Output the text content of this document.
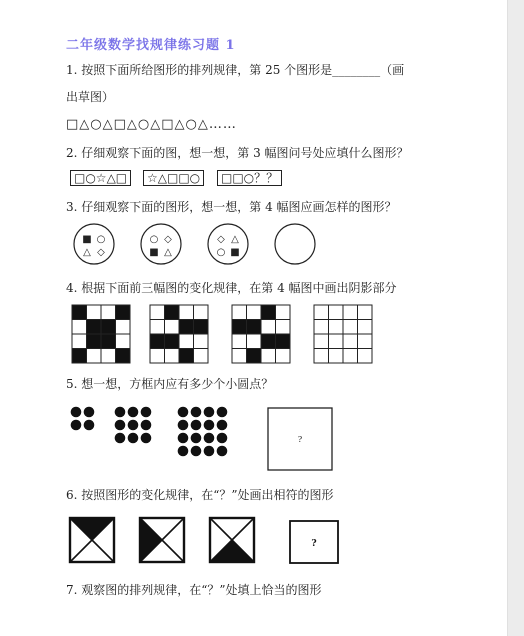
二年级数学找规律练习题 1
1. 按照下面所给图形的排列规律，第 25 个图形是________（画
出草图）
□△○△□△○△□△○△……
2. 仔细观察下面的图，想一想，第 3 幅图问号处应填什么图形？
□○☆△□	☆△□□○	□□○？？
3. 仔细观察下面的图形，想一想，第 4 幅图应画怎样的图形？
■ ○
△ ◇
○ ◇
■ △
◇ △
○ ■
4. 根据下面前三幅图的变化规律，在第 4 幅图中画出阴影部分
5. 想一想，方框内应有多少个小圆点？
?
6. 按照图形的变化规律，在“？”处画出相符的图形
?
7. 观察图的排列规律，在“？”处填上恰当的图形
